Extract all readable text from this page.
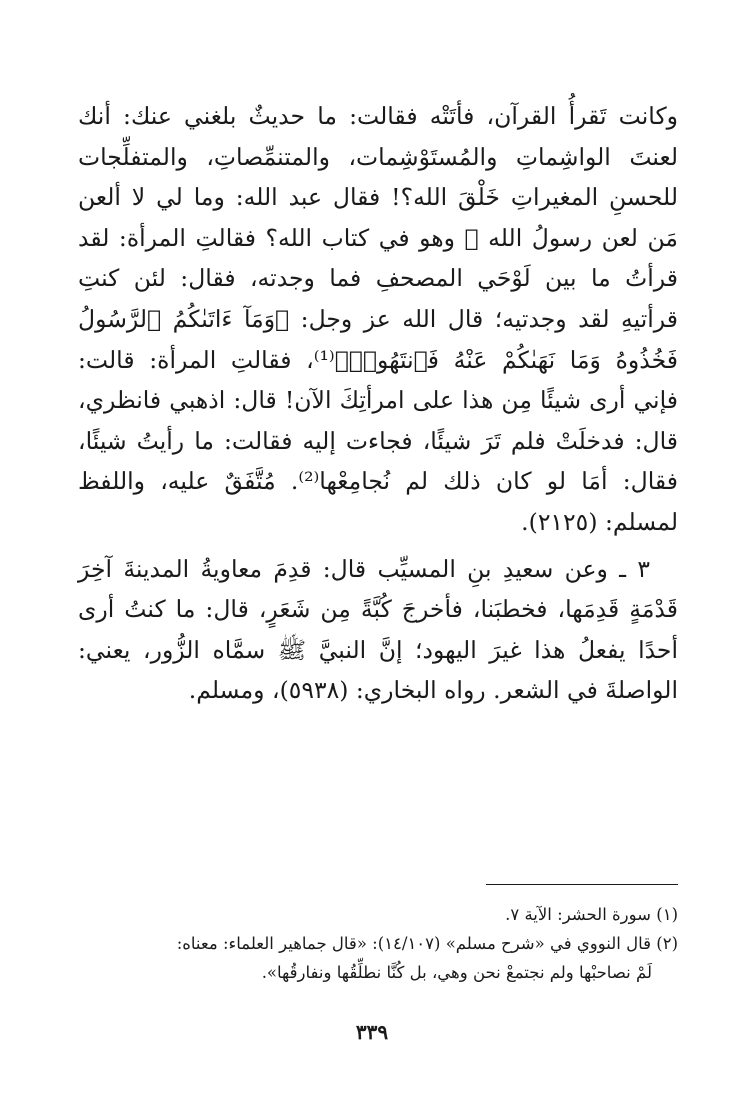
وكانت تَقرأُ القرآن، فأتَتْه فقالت: ما حديثٌ بلغني عنك: أنك لعنتَ الواشِماتِ والمُستَوْشِمات، والمتنمِّصاتِ، والمتفلِّجات للحسنِ المغيراتِ خَلْقَ الله؟! فقال عبد الله: وما لي لا ألعن مَن لعن رسولُ الله ﷺ وهو في كتاب الله؟ فقالتِ المرأة: لقد قرأتُ ما بين لَوْحَي المصحفِ فما وجدته، فقال: لئن كنتِ قرأتيهِ لقد وجدتيه؛ قال الله عز وجل: ﴿وَمَآ ءَاتَىٰكُمُ ٱلرَّسُولُ فَخُذُوهُ وَمَا نَهَىٰكُمْ عَنْهُ فَٱنتَهُوا۟﴾⁽¹⁾، فقالتِ المرأة: قالت: فإني أرى شيئًا مِن هذا على امرأتِكَ الآن! قال: اذهبي فانظري، قال: فدخلَتْ فلم تَرَ شيئًا، فجاءت إليه فقالت: ما رأيتُ شيئًا، فقال: أمَا لو كان ذلك لم نُجامِعْها⁽²⁾. مُتَّفَقٌ عليه، واللفظ لمسلم: (٢١٢٥).

٣ ـ وعن سعيدِ بنِ المسيِّب قال: قدِمَ معاويةُ المدينةَ آخِرَ قَدْمَةٍ قَدِمَها، فخطبَنا، فأخرجَ كُبَّةً مِن شَعَرٍ، قال: ما كنتُ أرى أحدًا يفعلُ هذا غيرَ اليهود؛ إنَّ النبيَّ ﷺ سمَّاه الزُّور، يعني: الواصلةَ في الشعر. رواه البخاري: (٥٩٣٨)، ومسلم.

(١) سورة الحشر: الآية ٧.

(٢) قال النووي في «شرح مسلم» (١٤/١٠٧): «قال جماهير العلماء: معناه:

لَمْ نصاحبْها ولم نجتمعْ نحن وهي، بل كُنَّا نطلِّقُها ونفارقُها».

٣٣٩
